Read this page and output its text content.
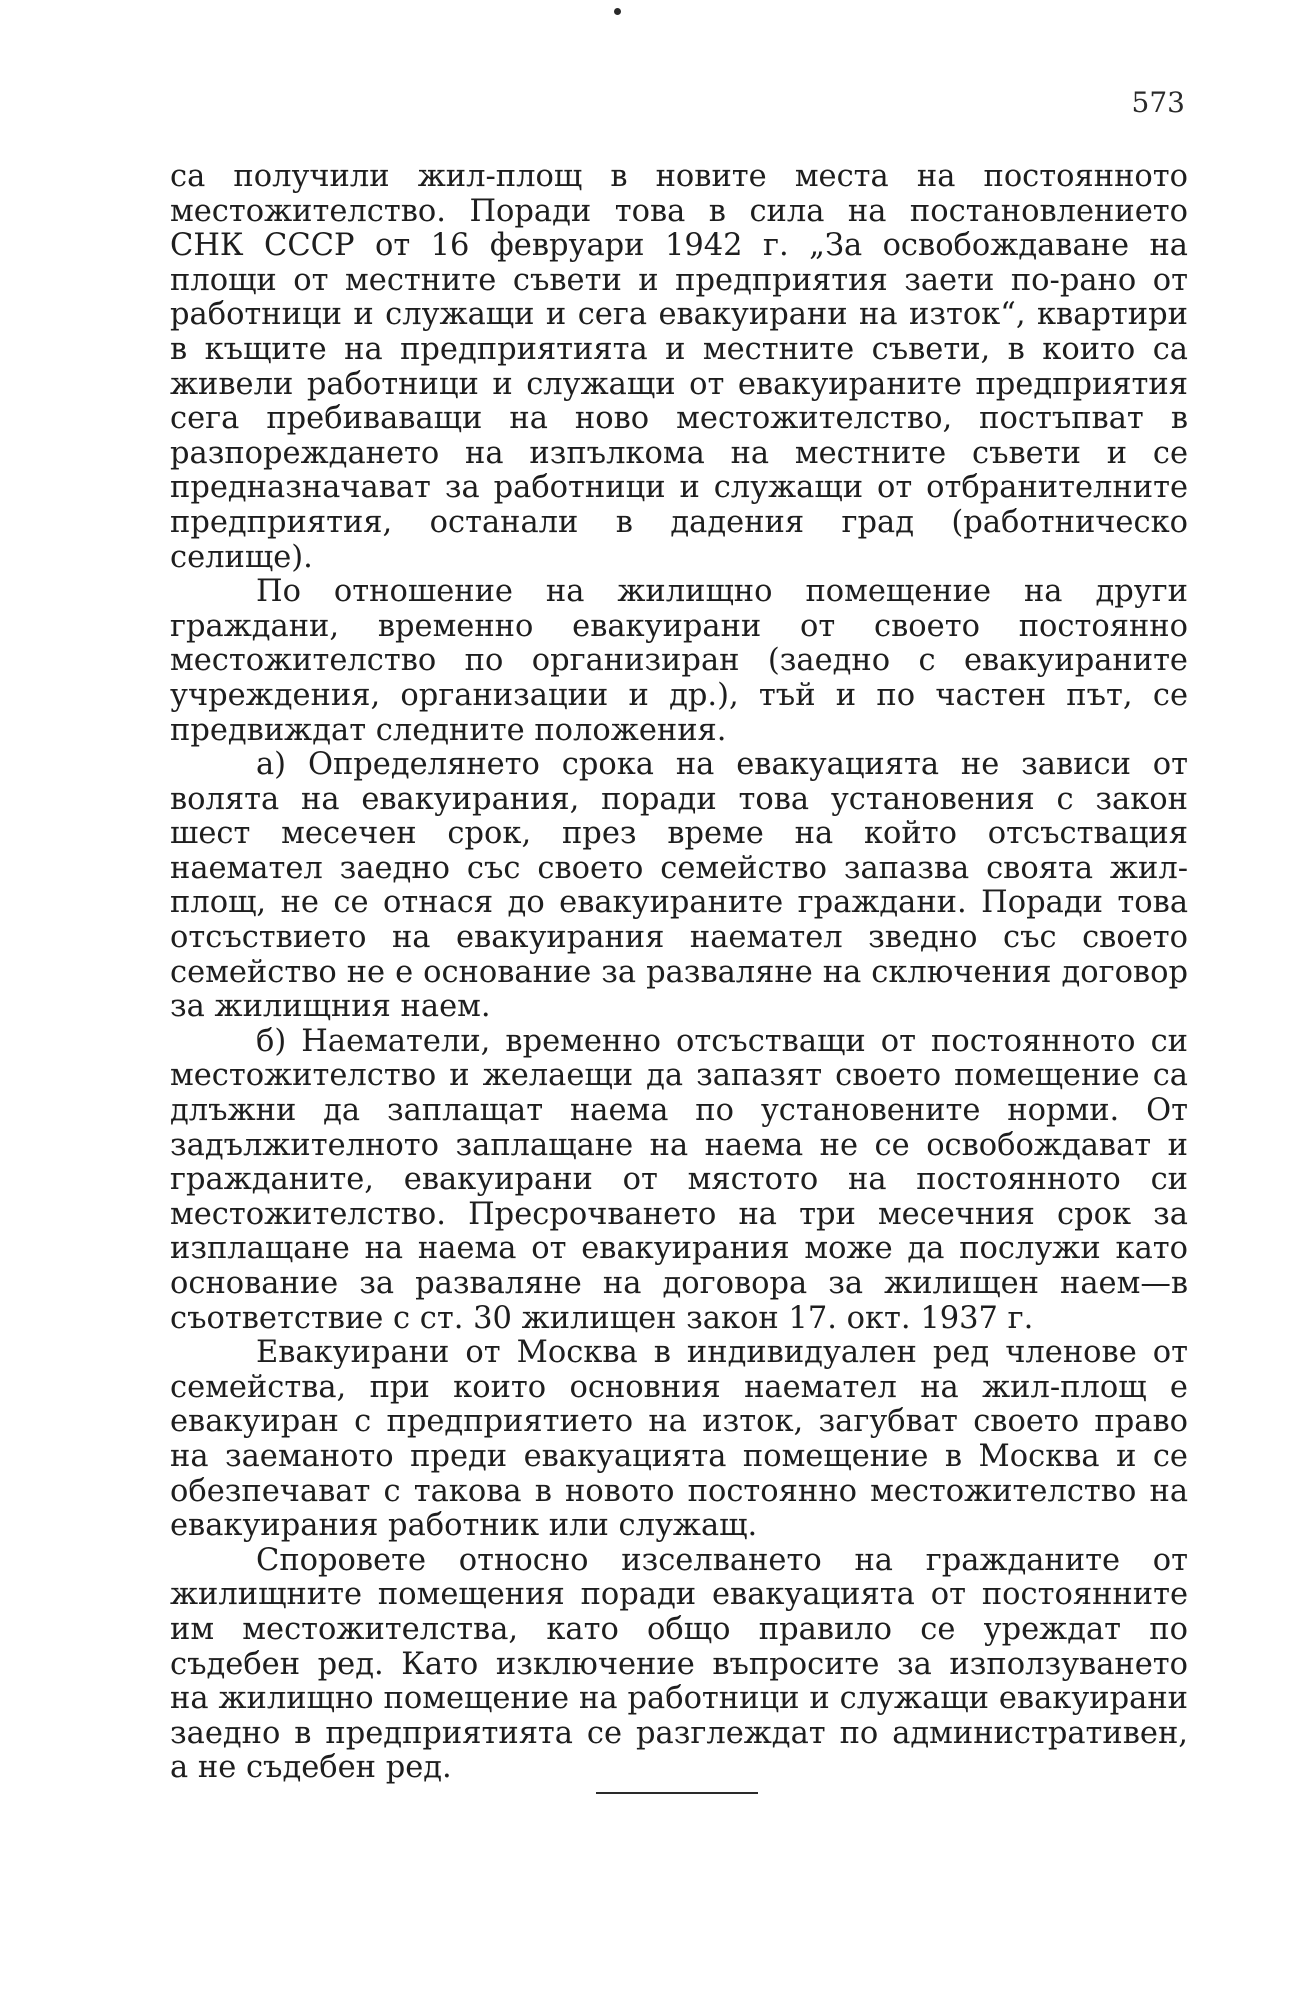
573

са получили жил-площ в новите места на постоянното местожителство. Поради това в сила на постановлението СНК СССР от 16 февруари 1942 г. „За освобождаване на площи от местните съвети и предприятия заети по-рано от работници и служащи и сега евакуирани на изток“, квартири в къщите на предприятията и местните съвети, в които са живели работници и служащи от евакуираните предприятия сега пребиваващи на ново местожителство, постъпват в разпореждането на изпълкома на местните съвети и се предназначават за работници и служащи от отбранителните предприятия, останали в дадения град (работническо селище).

По отношение на жилищно помещение на други граждани, временно евакуирани от своето постоянно местожителство по организиран (заедно с евакуираните учреждения, организации и др.), тъй и по частен път, се предвиждат следните положения.

а) Определянето срока на евакуацията не зависи от волята на евакуирания, поради това установения с закон шест месечен срок, през време на който отсъствация наемател заедно със своето семейство запазва своята жил-площ, не се отнася до евакуираните граждани. Поради това отсъствието на евакуирания наемател зведно със своето семейство не е основание за разваляне на сключения договор за жилищния наем.

б) Наематели, временно отсъстващи от постоянното си местожителство и желаещи да запазят своето помещение са длъжни да заплащат наема по установените норми. От задължителното заплащане на наема не се освобождават и гражданите, евакуирани от мястото на постоянното си местожителство. Пресрочването на три месечния срок за изплащане на наема от евакуирания може да послужи като основание за разваляне на договора за жилищен наем—в съответствие с ст. 30 жилищен закон 17. окт. 1937 г.

Евакуирани от Москва в индивидуален ред членове от семейства, при които основния наемател на жил-площ е евакуиран с предприятието на изток, загубват своето право на заеманото преди евакуацията помещение в Москва и се обезпечават с такова в новото постоянно местожителство на евакуирания работник или служащ.

Споровете относно изселването на гражданите от жилищните помещения поради евакуацията от постоянните им местожителства, като общо правило се уреждат по съдебен ред. Като изключение въпросите за използуването на жилищно помещение на работници и служащи евакуирани заедно в предприятията се разглеждат по административен, а не съдебен ред.
